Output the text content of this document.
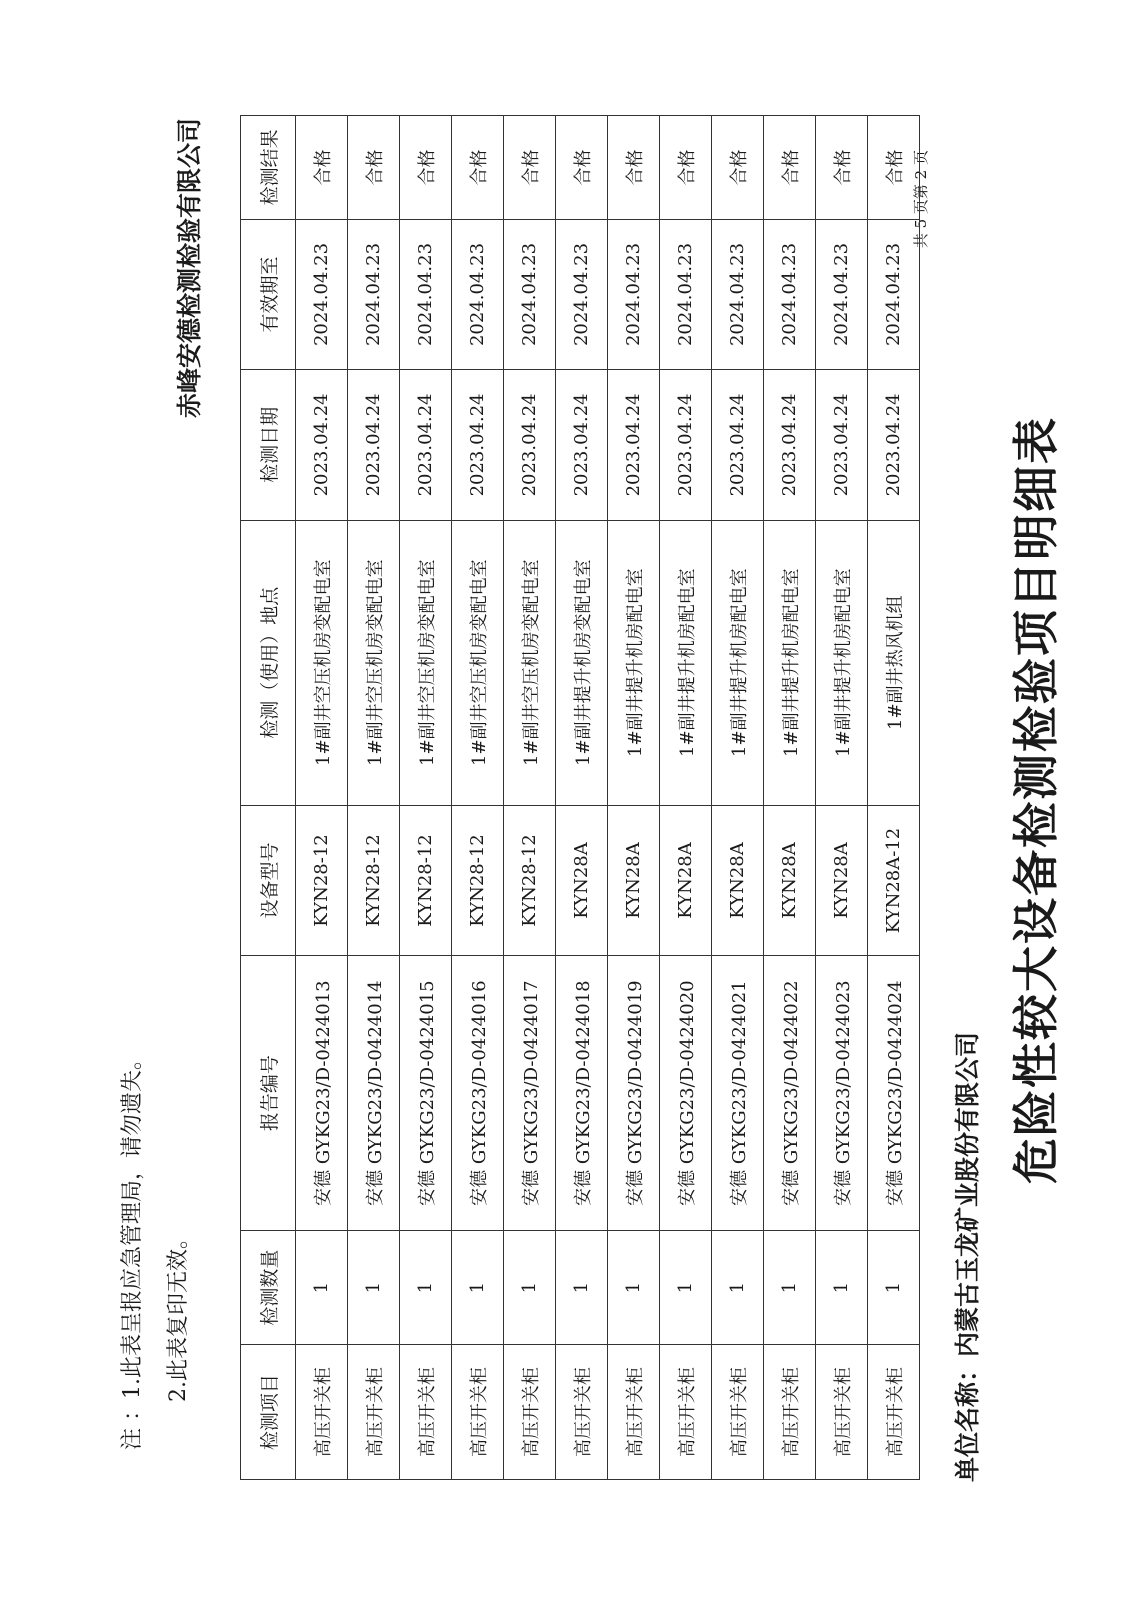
危险性较大设备检测检验项目明细表
单位名称：内蒙古玉龙矿业股份有限公司
共 5 页第 2 页
检测项目	检测数量	报告编号	设备型号	检测（使用）地点	检测日期	有效期至	检测结果
高压开关柜	1	安德 GYKG23/D-0424013	KYN28-12	1#副井空压机房变配电室	2023.04.24	2024.04.23	合格
高压开关柜	1	安德 GYKG23/D-0424014	KYN28-12	1#副井空压机房变配电室	2023.04.24	2024.04.23	合格
高压开关柜	1	安德 GYKG23/D-0424015	KYN28-12	1#副井空压机房变配电室	2023.04.24	2024.04.23	合格
高压开关柜	1	安德 GYKG23/D-0424016	KYN28-12	1#副井空压机房变配电室	2023.04.24	2024.04.23	合格
高压开关柜	1	安德 GYKG23/D-0424017	KYN28-12	1#副井空压机房变配电室	2023.04.24	2024.04.23	合格
高压开关柜	1	安德 GYKG23/D-0424018	KYN28A	1#副井提升机房变配电室	2023.04.24	2024.04.23	合格
高压开关柜	1	安德 GYKG23/D-0424019	KYN28A	1#副井提升机房配电室	2023.04.24	2024.04.23	合格
高压开关柜	1	安德 GYKG23/D-0424020	KYN28A	1#副井提升机房配电室	2023.04.24	2024.04.23	合格
高压开关柜	1	安德 GYKG23/D-0424021	KYN28A	1#副井提升机房配电室	2023.04.24	2024.04.23	合格
高压开关柜	1	安德 GYKG23/D-0424022	KYN28A	1#副井提升机房配电室	2023.04.24	2024.04.23	合格
高压开关柜	1	安德 GYKG23/D-0424023	KYN28A	1#副井提升机房配电室	2023.04.24	2024.04.23	合格
高压开关柜	1	安德 GYKG23/D-0424024	KYN28A-12	1#副井热风机组	2023.04.24	2024.04.23	合格
注 ：1.此表呈报应急管理局，请勿遗失。 2.此表复印无效。
赤峰安德检测检验有限公司
